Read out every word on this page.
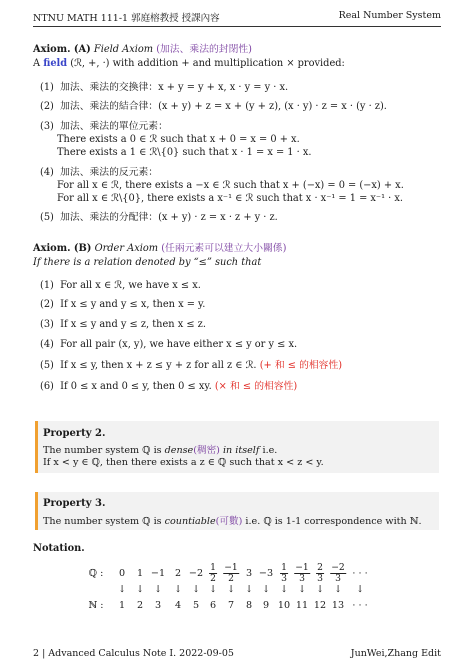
NTNU MATH 111-1 郭庭榕教授 授課內容	Real Number System
Axiom. (A) Field Axiom (加法、乘法的封閉性)
A field (ℛ, +, ·) with addition + and multiplication × provided:
(1) 加法、乘法的交換律：x + y = y + x, x · y = y · x.
(2) 加法、乘法的結合律：(x + y) + z = x + (y + z), (x · y) · z = x · (y · z).
(3) 加法、乘法的單位元素：
There exists a 0 ∈ ℛ such that x + 0 = x = 0 + x.
There exists a 1 ∈ ℛ\{0} such that x · 1 = x = 1 · x.
(4) 加法、乘法的反元素：
For all x ∈ ℛ, there exists a −x ∈ ℛ such that x + (−x) = 0 = (−x) + x.
For all x ∈ ℛ\{0}, there exists a x⁻¹ ∈ ℛ such that x · x⁻¹ = 1 = x⁻¹ · x.
(5) 加法、乘法的分配律：(x + y) · z = x · z + y · z.
Axiom. (B) Order Axiom (任兩元素可以建立大小關係)
If there is a relation denoted by “≤” such that
(1) For all x ∈ ℛ, we have x ≤ x.
(2) If x ≤ y and y ≤ x, then x = y.
(3) If x ≤ y and y ≤ z, then x ≤ z.
(4) For all pair (x, y), we have either x ≤ y or y ≤ x.
(5) If x ≤ y, then x + z ≤ y + z for all z ∈ ℛ. (+ 和 ≤ 的相容性)
(6) If 0 ≤ x and 0 ≤ y, then 0 ≤ xy. (× 和 ≤ 的相容性)
Property 2.
The number system ℚ is dense(稠密) in itself i.e.
If x < y ∈ ℚ, then there exists a z ∈ ℚ such that x < z < y.
Property 3.
The number system ℚ is countiable(可數) i.e. ℚ is 1-1 correspondence with ℕ.
Notation.
ℚ :
ℕ :
0
↓
1
1
↓
2
−1
↓
3
2
↓
4
−2
↓
5
$\frac{1}{2}$
↓
6
$\frac{-1}{2}$
↓
7
3
↓
8
−3
↓
9
$\frac{1}{3}$
↓
10
$\frac{-1}{3}$
↓
11
$\frac{2}{3}$
↓
12
$\frac{-2}{3}$
↓
13
· · ·
↓
· · ·
2 | Advanced Calculus Note I. 2022-09-05	JunWei,Zhang Edit
